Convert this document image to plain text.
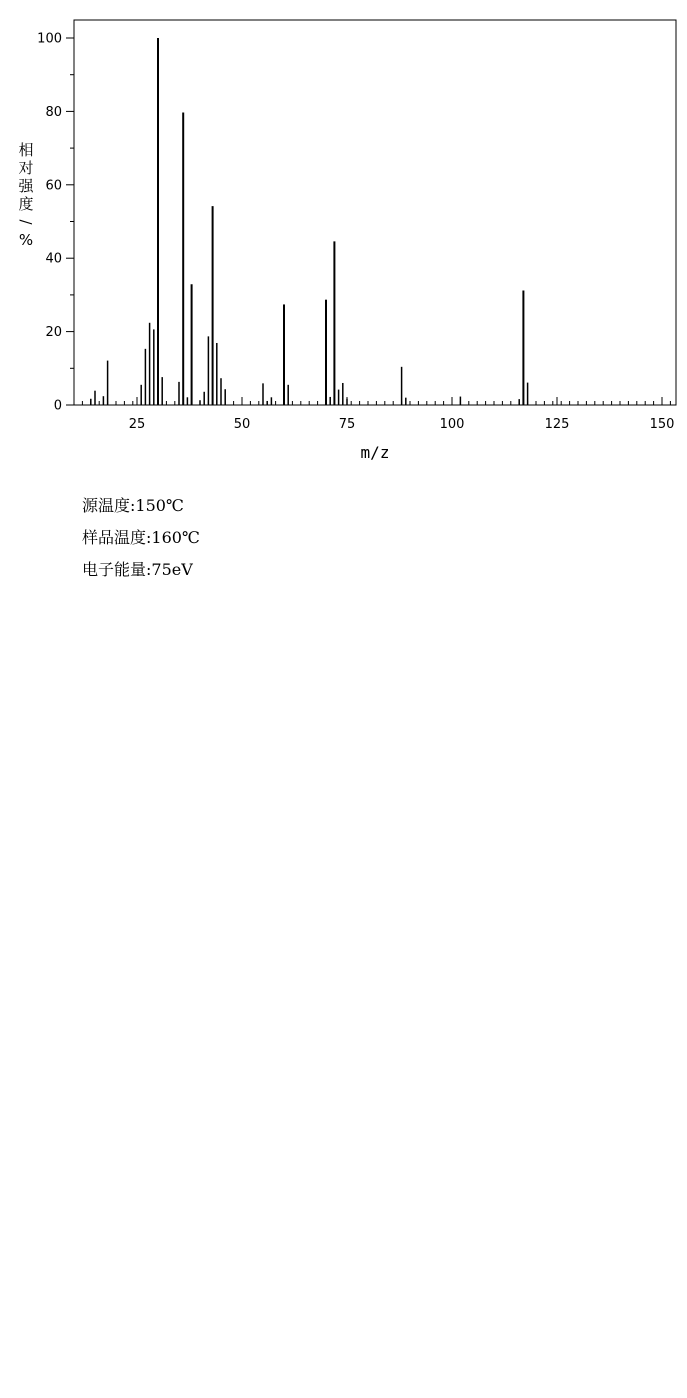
25	50	75	100	125	150
0
20
40
60
80
100
m/z
相
对
强
度
/
%
源温度:150℃
样品温度:160℃
电子能量:75eV
